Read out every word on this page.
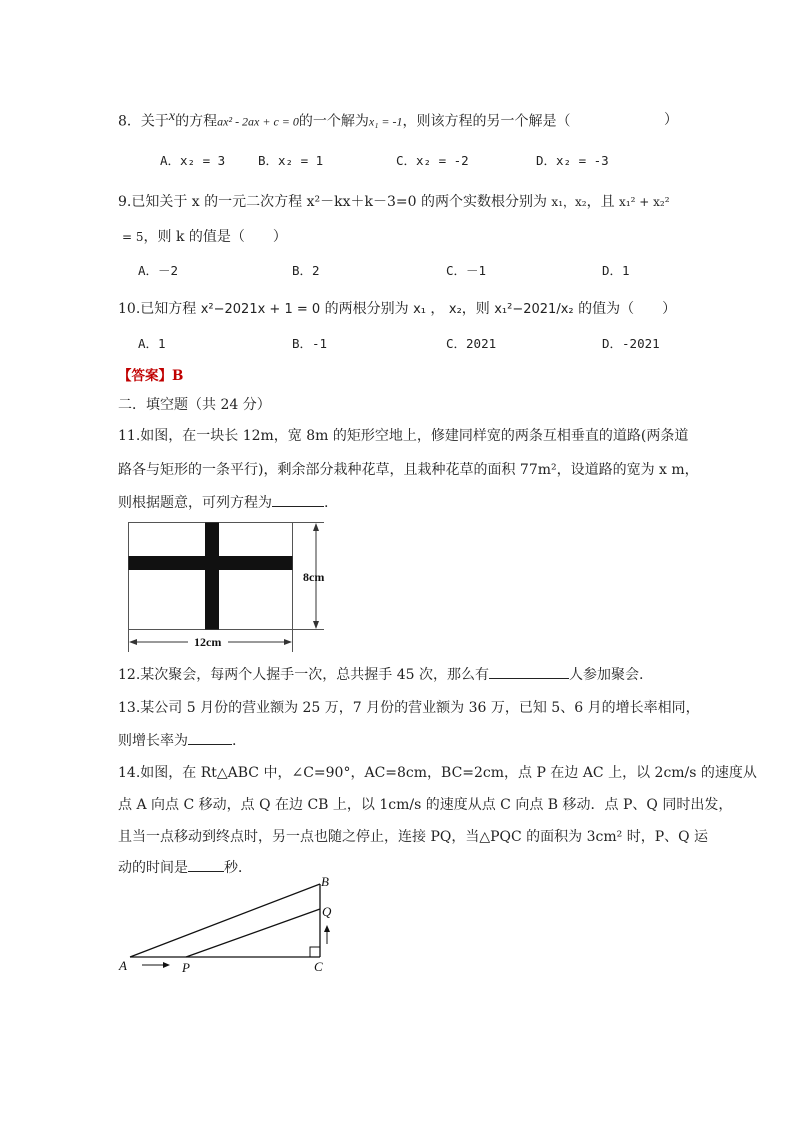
8．关于$^x$的方程ax² - 2ax + c = 0的一个解为x₁ = -1，则该方程的另一个解是（	）
A．x₂ = 3	B．x₂ = 1	C．x₂ = -2	D．x₂ = -3
9.已知关于 x 的一元二次方程 x²－kx＋k－3=0 的两个实数根分别为 x₁，x₂，且 x₁² + x₂²
= 5，则 k 的值是（　　）
A．－2	B．2	C．－1	D．1
10.已知方程 x²−2021x + 1 = 0 的两根分别为 x₁ ， x₂，则 x₁²−2021/x₂ 的值为（　　）
A．1	B．-1	C．2021	D．-2021
【答案】B
二．填空题（共 24 分）
11.如图，在一块长 12m，宽 8m 的矩形空地上，修建同样宽的两条互相垂直的道路(两条道
路各与矩形的一条平行)，剩余部分栽种花草，且栽种花草的面积 77m²，设道路的宽为 x m，
则根据题意，可列方程为	.
8cm
12cm
12.某次聚会，每两个人握手一次，总共握手 45 次，那么有	人参加聚会.
13.某公司 5 月份的营业额为 25 万，7 月份的营业额为 36 万，已知 5、6 月的增长率相同，
则增长率为	.
14.如图，在 Rt△ABC 中，∠C=90°，AC=8cm，BC=2cm，点 P 在边 AC 上，以 2cm/s 的速度从
点 A 向点 C 移动，点 Q 在边 CB 上，以 1cm/s 的速度从点 C 向点 B 移动．点 P、Q 同时出发，
且当一点移动到终点时，另一点也随之停止，连接 PQ，当△PQC 的面积为 3cm² 时，P、Q 运
动的时间是	秒．
B
Q
A	P	C
